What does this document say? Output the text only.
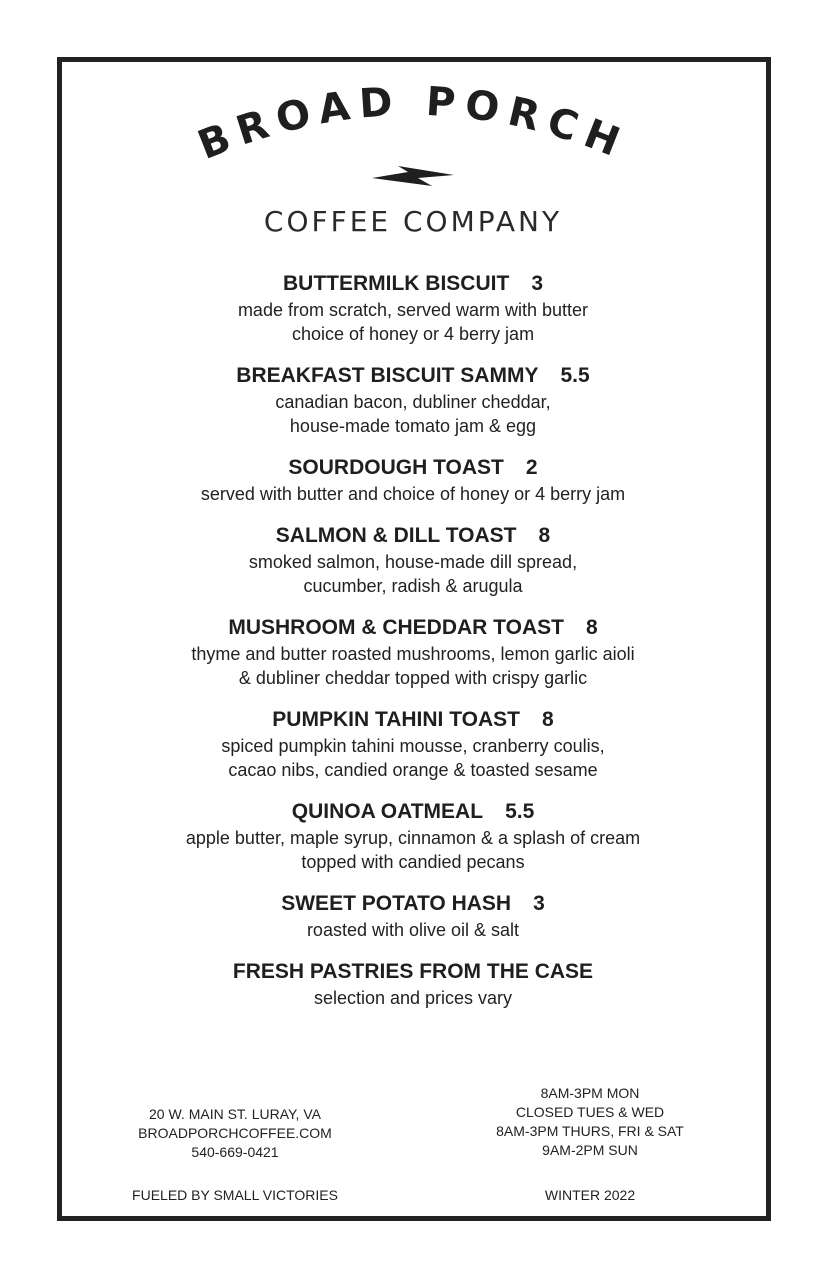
BROAD PORCH
COFFEE COMPANY
BUTTERMILK BISCUIT 3
made from scratch, served warm with butter
choice of honey or 4 berry jam
BREAKFAST BISCUIT SAMMY 5.5
canadian bacon, dubliner cheddar,
house-made tomato jam & egg
SOURDOUGH TOAST 2
served with butter and choice of honey or 4 berry jam
SALMON & DILL TOAST 8
smoked salmon, house-made dill spread,
cucumber, radish & arugula
MUSHROOM & CHEDDAR TOAST 8
thyme and butter roasted mushrooms, lemon garlic aioli
& dubliner cheddar topped with crispy garlic
PUMPKIN TAHINI TOAST 8
spiced pumpkin tahini mousse, cranberry coulis,
cacao nibs, candied orange & toasted sesame
QUINOA OATMEAL 5.5
apple butter, maple syrup, cinnamon & a splash of cream
topped with candied pecans
SWEET POTATO HASH 3
roasted with olive oil & salt
FRESH PASTRIES FROM THE CASE
selection and prices vary
20 W. MAIN ST. LURAY, VA
BROADPORCHCOFFEE.COM
540-669-0421
8AM-3PM MON
CLOSED TUES & WED
8AM-3PM THURS, FRI & SAT
9AM-2PM SUN
FUELED BY SMALL VICTORIES	WINTER 2022
